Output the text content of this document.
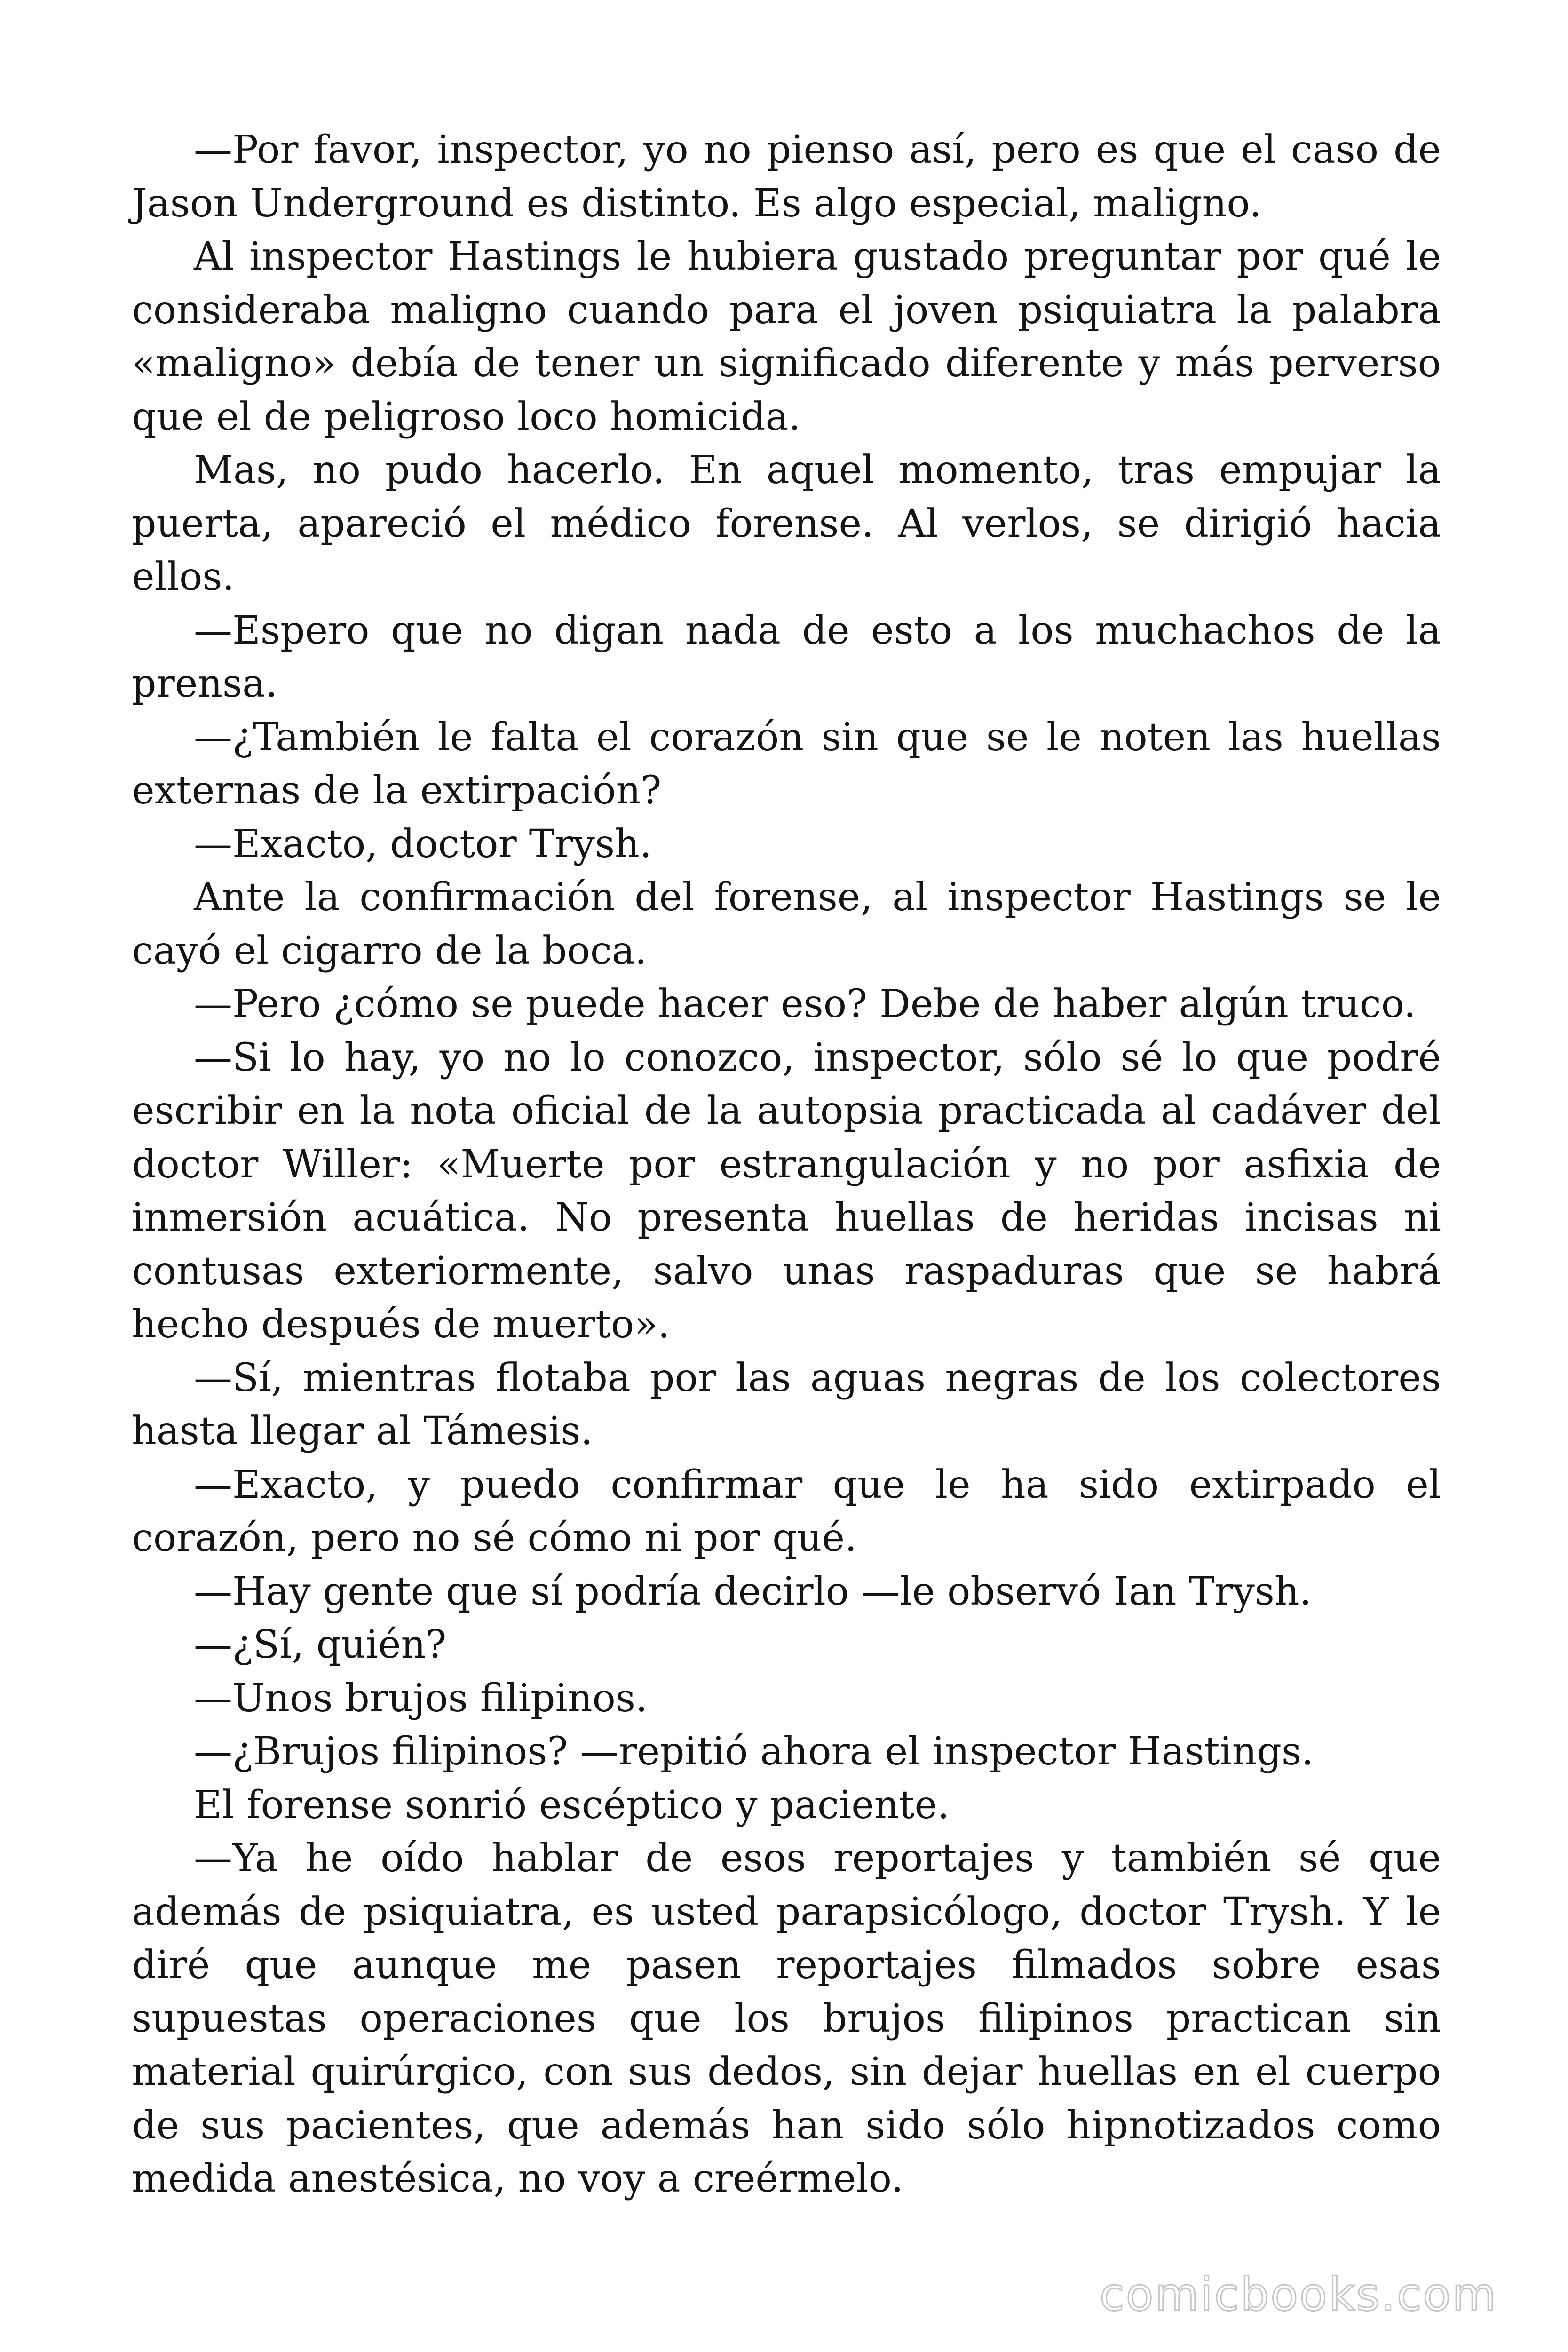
—Por favor, inspector, yo no pienso así, pero es que el caso de Jason Underground es distinto. Es algo especial, maligno.

Al inspector Hastings le hubiera gustado preguntar por qué le consideraba maligno cuando para el joven psiquiatra la palabra «maligno» debía de tener un significado diferente y más perverso que el de peligroso loco homicida.

Mas, no pudo hacerlo. En aquel momento, tras empujar la puerta, apareció el médico forense. Al verlos, se dirigió hacia ellos.

—Espero que no digan nada de esto a los muchachos de la prensa.

—¿También le falta el corazón sin que se le noten las huellas externas de la extirpación?

—Exacto, doctor Trysh.

Ante la confirmación del forense, al inspector Hastings se le cayó el cigarro de la boca.

—Pero ¿cómo se puede hacer eso? Debe de haber algún truco.

—Si lo hay, yo no lo conozco, inspector, sólo sé lo que podré escribir en la nota oficial de la autopsia practicada al cadáver del doctor Willer: «Muerte por estrangulación y no por asfixia de inmersión acuática. No presenta huellas de heridas incisas ni contusas exteriormente, salvo unas raspaduras que se habrá hecho después de muerto».

—Sí, mientras flotaba por las aguas negras de los colectores hasta llegar al Támesis.

—Exacto, y puedo confirmar que le ha sido extirpado el corazón, pero no sé cómo ni por qué.

—Hay gente que sí podría decirlo —le observó Ian Trysh.

—¿Sí, quién?

—Unos brujos filipinos.

—¿Brujos filipinos? —repitió ahora el inspector Hastings.

El forense sonrió escéptico y paciente.

—Ya he oído hablar de esos reportajes y también sé que además de psiquiatra, es usted parapsicólogo, doctor Trysh. Y le diré que aunque me pasen reportajes filmados sobre esas supuestas operaciones que los brujos filipinos practican sin material quirúrgico, con sus dedos, sin dejar huellas en el cuerpo de sus pacientes, que además han sido sólo hipnotizados como medida anestésica, no voy a creérmelo.

comicbooks.com
